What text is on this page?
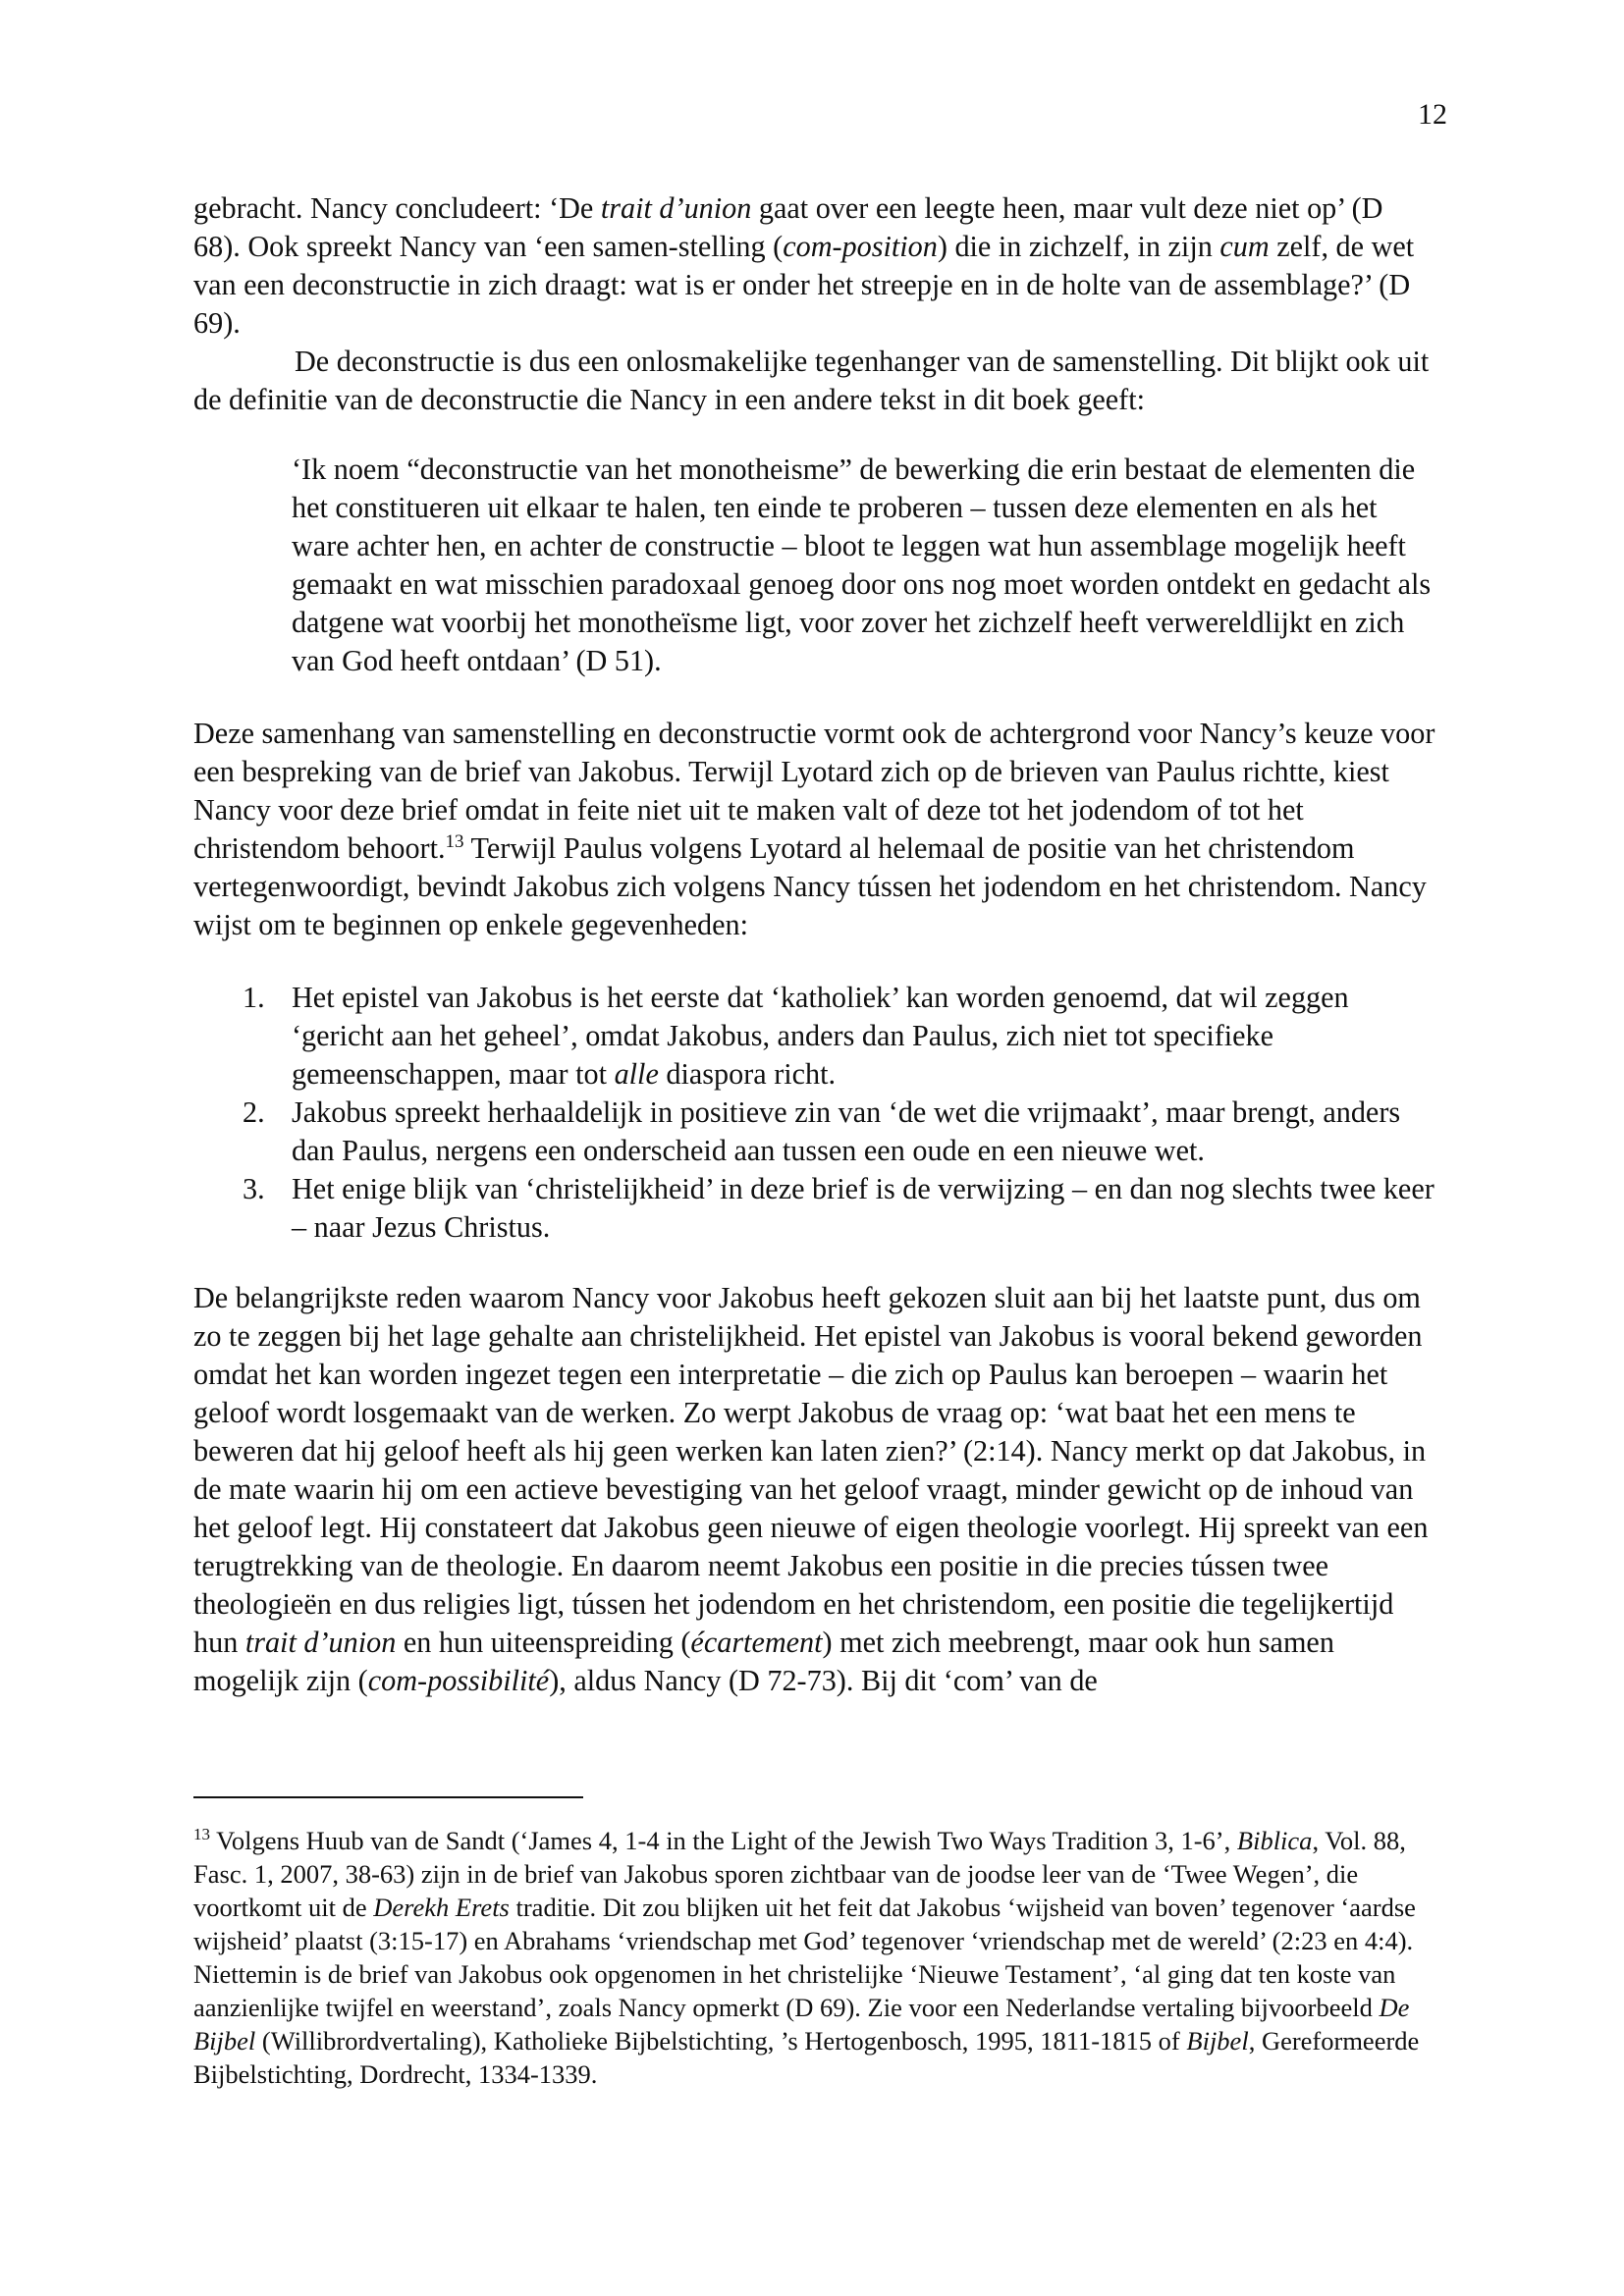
12

gebracht. Nancy concludeert: ‘De trait d’union gaat over een leegte heen, maar vult deze niet op’ (D 68). Ook spreekt Nancy van ‘een samen-stelling (com-position) die in zichzelf, in zijn cum zelf, de wet van een deconstructie in zich draagt: wat is er onder het streepje en in de holte van de assemblage?’ (D 69).

De deconstructie is dus een onlosmakelijke tegenhanger van de samenstelling. Dit blijkt ook uit de definitie van de deconstructie die Nancy in een andere tekst in dit boek geeft:

‘Ik noem “deconstructie van het monotheisme” de bewerking die erin bestaat de elementen die het constitueren uit elkaar te halen, ten einde te proberen – tussen deze elementen en als het ware achter hen, en achter de constructie – bloot te leggen wat hun assemblage mogelijk heeft gemaakt en wat misschien paradoxaal genoeg door ons nog moet worden ontdekt en gedacht als datgene wat voorbij het monotheïsme ligt, voor zover het zichzelf heeft verwereldlijkt en zich van God heeft ontdaan’ (D 51).

Deze samenhang van samenstelling en deconstructie vormt ook de achtergrond voor Nancy’s keuze voor een bespreking van de brief van Jakobus. Terwijl Lyotard zich op de brieven van Paulus richtte, kiest Nancy voor deze brief omdat in feite niet uit te maken valt of deze tot het jodendom of tot het christendom behoort.$^{13}$ Terwijl Paulus volgens Lyotard al helemaal de positie van het christendom vertegenwoordigt, bevindt Jakobus zich volgens Nancy tússen het jodendom en het christendom. Nancy wijst om te beginnen op enkele gegevenheden:

1. Het epistel van Jakobus is het eerste dat ‘katholiek’ kan worden genoemd, dat wil zeggen ‘gericht aan het geheel’, omdat Jakobus, anders dan Paulus, zich niet tot specifieke gemeenschappen, maar tot alle diaspora richt.
2. Jakobus spreekt herhaaldelijk in positieve zin van ‘de wet die vrijmaakt’, maar brengt, anders dan Paulus, nergens een onderscheid aan tussen een oude en een nieuwe wet.
3. Het enige blijk van ‘christelijkheid’ in deze brief is de verwijzing – en dan nog slechts twee keer – naar Jezus Christus.

De belangrijkste reden waarom Nancy voor Jakobus heeft gekozen sluit aan bij het laatste punt, dus om zo te zeggen bij het lage gehalte aan christelijkheid. Het epistel van Jakobus is vooral bekend geworden omdat het kan worden ingezet tegen een interpretatie – die zich op Paulus kan beroepen – waarin het geloof wordt losgemaakt van de werken. Zo werpt Jakobus de vraag op: ‘wat baat het een mens te beweren dat hij geloof heeft als hij geen werken kan laten zien?’ (2:14). Nancy merkt op dat Jakobus, in de mate waarin hij om een actieve bevestiging van het geloof vraagt, minder gewicht op de inhoud van het geloof legt. Hij constateert dat Jakobus geen nieuwe of eigen theologie voorlegt. Hij spreekt van een terugtrekking van de theologie. En daarom neemt Jakobus een positie in die precies tússen twee theologieën en dus religies ligt, tússen het jodendom en het christendom, een positie die tegelijkertijd hun trait d’union en hun uiteenspreiding (écartement) met zich meebrengt, maar ook hun samen mogelijk zijn (com-possibilité), aldus Nancy (D 72-73). Bij dit ‘com’ van de

$^{13}$ Volgens Huub van de Sandt (‘James 4, 1-4 in the Light of the Jewish Two Ways Tradition 3, 1-6’, Biblica, Vol. 88, Fasc. 1, 2007, 38-63) zijn in de brief van Jakobus sporen zichtbaar van de joodse leer van de ‘Twee Wegen’, die voortkomt uit de Derekh Erets traditie. Dit zou blijken uit het feit dat Jakobus ‘wijsheid van boven’ tegenover ‘aardse wijsheid’ plaatst (3:15-17) en Abrahams ‘vriendschap met God’ tegenover ‘vriendschap met de wereld’ (2:23 en 4:4). Niettemin is de brief van Jakobus ook opgenomen in het christelijke ‘Nieuwe Testament’, ‘al ging dat ten koste van aanzienlijke twijfel en weerstand’, zoals Nancy opmerkt (D 69). Zie voor een Nederlandse vertaling bijvoorbeeld De Bijbel (Willibrordvertaling), Katholieke Bijbelstichting, ’s Hertogenbosch, 1995, 1811-1815 of Bijbel, Gereformeerde Bijbelstichting, Dordrecht, 1334-1339.
